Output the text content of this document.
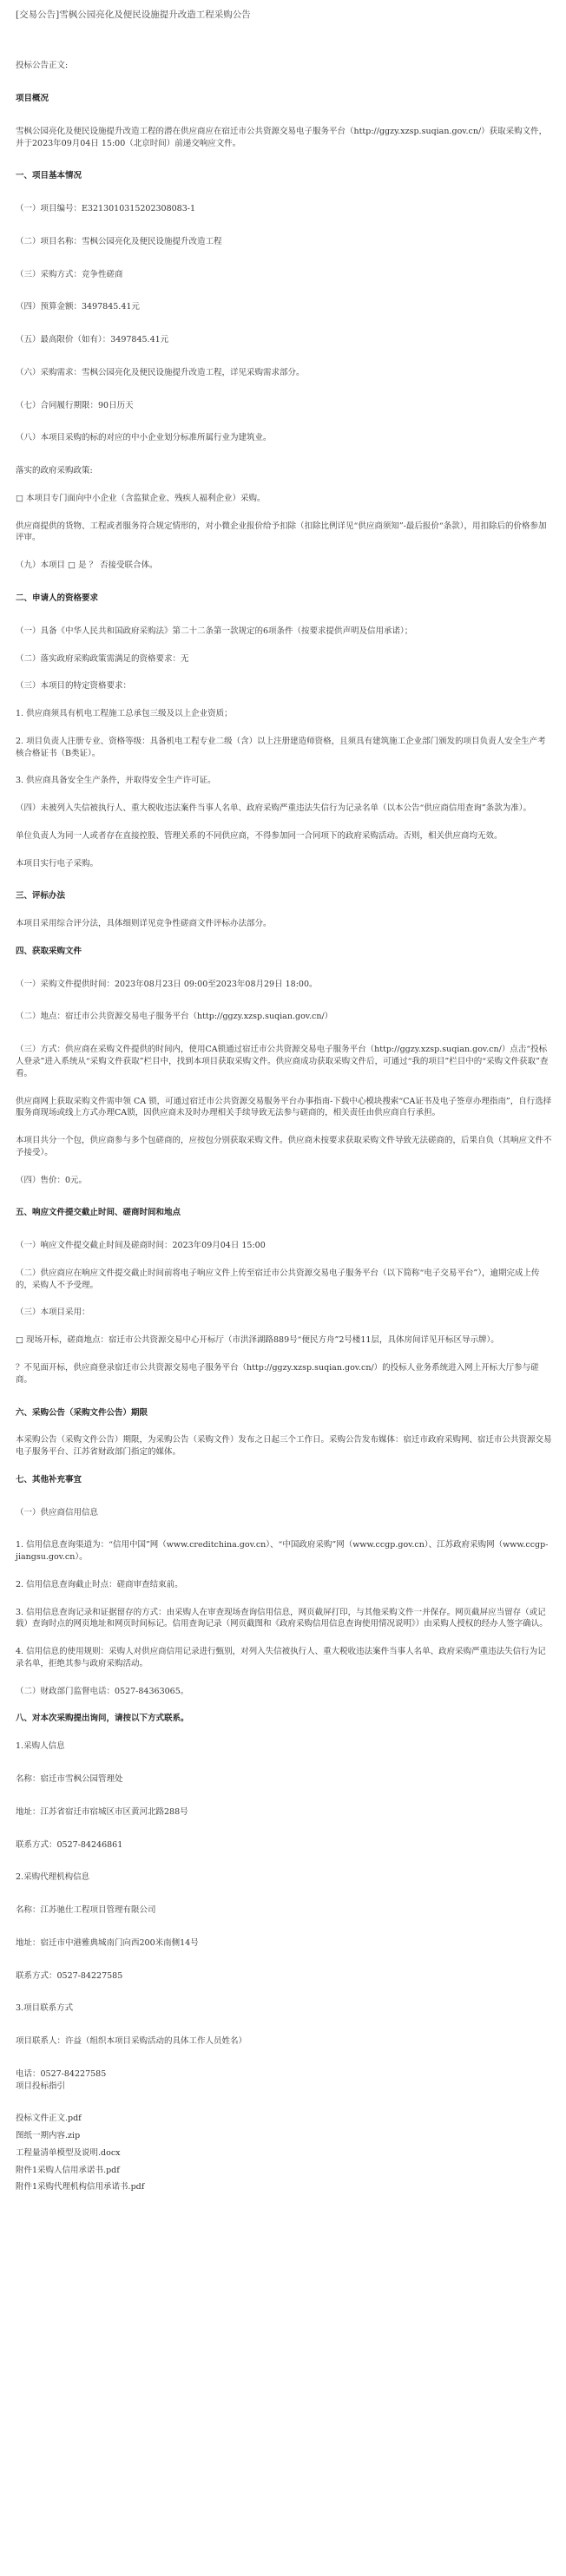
[交易公告]雪枫公园亮化及便民设施提升改造工程采购公告

投标公告正文:

项目概况

雪枫公园亮化及便民设施提升改造工程的潜在供应商应在宿迁市公共资源交易电子服务平台（http://ggzy.xzsp.suqian.gov.cn/）获取采购文件，并于2023年09月04日 15:00（北京时间）前递交响应文件。

一、项目基本情况

（一）项目编号：E3213010315202308083-1

（二）项目名称：雪枫公园亮化及便民设施提升改造工程

（三）采购方式：竞争性磋商

（四）预算金额：3497845.41元

（五）最高限价（如有）：3497845.41元

（六）采购需求：雪枫公园亮化及便民设施提升改造工程，详见采购需求部分。

（七）合同履行期限：90日历天

（八）本项目采购的标的对应的中小企业划分标准所属行业为建筑业。

落实的政府采购政策:

□ 本项目专门面向中小企业（含监狱企业、残疾人福利企业）采购。

供应商提供的货物、工程或者服务符合规定情形的，对小微企业报价给予扣除（扣除比例详见“供应商须知”-最后报价“条款），用扣除后的价格参加评审。

（九）本项目 □ 是 ？ 否接受联合体。

二、申请人的资格要求

（一）具备《中华人民共和国政府采购法》第二十二条第一款规定的6项条件（按要求提供声明及信用承诺）；

（二）落实政府采购政策需满足的资格要求：无

（三）本项目的特定资格要求：

1. 供应商须具有机电工程施工总承包三级及以上企业资质；

2. 项目负责人注册专业、资格等级：具备机电工程专业二级（含）以上注册建造师资格，且须具有建筑施工企业部门颁发的项目负责人安全生产考核合格证书（B类证）。

3. 供应商具备安全生产条件，并取得安全生产许可证。

（四）未被列入失信被执行人、重大税收违法案件当事人名单、政府采购严重违法失信行为记录名单（以本公告“供应商信用查询”条款为准）。

单位负责人为同一人或者存在直接控股、管理关系的不同供应商，不得参加同一合同项下的政府采购活动。否则，相关供应商均无效。

本项目实行电子采购。

三、评标办法

本项目采用综合评分法，具体细则详见竞争性磋商文件评标办法部分。

四、获取采购文件

（一）采购文件提供时间：2023年08月23日 09:00至2023年08月29日 18:00。

（二）地点：宿迁市公共资源交易电子服务平台（http://ggzy.xzsp.suqian.gov.cn/）

（三）方式：供应商在采购文件提供的时间内，使用CA锁通过宿迁市公共资源交易电子服务平台（http://ggzy.xzsp.suqian.gov.cn/）点击“投标人登录”进入系统从“采购文件获取”栏目中，找到本项目获取采购文件。供应商成功获取采购文件后，可通过“我的项目”栏目中的“采购文件获取”查看。

供应商网上获取采购文件需申领 CA 锁，可通过宿迁市公共资源交易服务平台办事指南-下载中心模块搜索“CA证书及电子签章办理指南”，自行选择服务商现场或线上方式办理CA锁，因供应商未及时办理相关手续导致无法参与磋商的，相关责任由供应商自行承担。

本项目共分一个包，供应商参与多个包磋商的，应按包分别获取采购文件。供应商未按要求获取采购文件导致无法磋商的，后果自负（其响应文件不予接受）。

（四）售价：0元。

五、响应文件提交截止时间、磋商时间和地点

（一）响应文件提交截止时间及磋商时间：2023年09月04日 15:00

（二）供应商应在响应文件提交截止时间前将电子响应文件上传至宿迁市公共资源交易电子服务平台（以下简称“电子交易平台”），逾期完成上传的，采购人不予受理。

（三）本项目采用：

□ 现场开标，磋商地点：宿迁市公共资源交易中心开标厅（市洪泽湖路889号“便民方舟”2号楼11层，具体房间详见开标区导示牌）。

？不见面开标，供应商登录宿迁市公共资源交易电子服务平台（http://ggzy.xzsp.suqian.gov.cn/）的投标人业务系统进入网上开标大厅参与磋商。

六、采购公告（采购文件公告）期限

本采购公告（采购文件公告）期限，为采购公告（采购文件）发布之日起三个工作日。采购公告发布媒体：宿迁市政府采购网、宿迁市公共资源交易电子服务平台、江苏省财政部门指定的媒体。

七、其他补充事宜

（一）供应商信用信息

1. 信用信息查询渠道为：“信用中国”网（www.creditchina.gov.cn）、“中国政府采购”网（www.ccgp.gov.cn）、江苏政府采购网（www.ccgp-jiangsu.gov.cn）。

2. 信用信息查询截止时点：磋商审查结束前。

3. 信用信息查询记录和证据留存的方式：由采购人在审查现场查询信用信息，网页截屏打印，与其他采购文件一并保存。网页截屏应当留存（或记载）查询时点的网页地址和网页时间标记。信用查询记录（网页截图和《政府采购信用信息查询使用情况说明》）由采购人授权的经办人签字确认。

4. 信用信息的使用规则：采购人对供应商信用记录进行甄别，对列入失信被执行人、重大税收违法案件当事人名单、政府采购严重违法失信行为记录名单，拒绝其参与政府采购活动。

（二）财政部门监督电话：0527-84363065。

八、对本次采购提出询问，请按以下方式联系。

1.采购人信息

名称：宿迁市雪枫公园管理处

地址：江苏省宿迁市宿城区市区黄河北路288号

联系方式：0527-84246861

2.采购代理机构信息

名称：江苏驰仕工程项目管理有限公司

地址：宿迁市中港雅典城南门向西200米南侧14号

联系方式：0527-84227585

3.项目联系方式

项目联系人：许益（组织本项目采购活动的具体工作人员姓名）

电话：0527-84227585

项目投标指引

投标文件正文.pdf

图纸一期内容.zip

工程量清单模型及说明.docx

附件1采购人信用承诺书.pdf

附件1采购代理机构信用承诺书.pdf
